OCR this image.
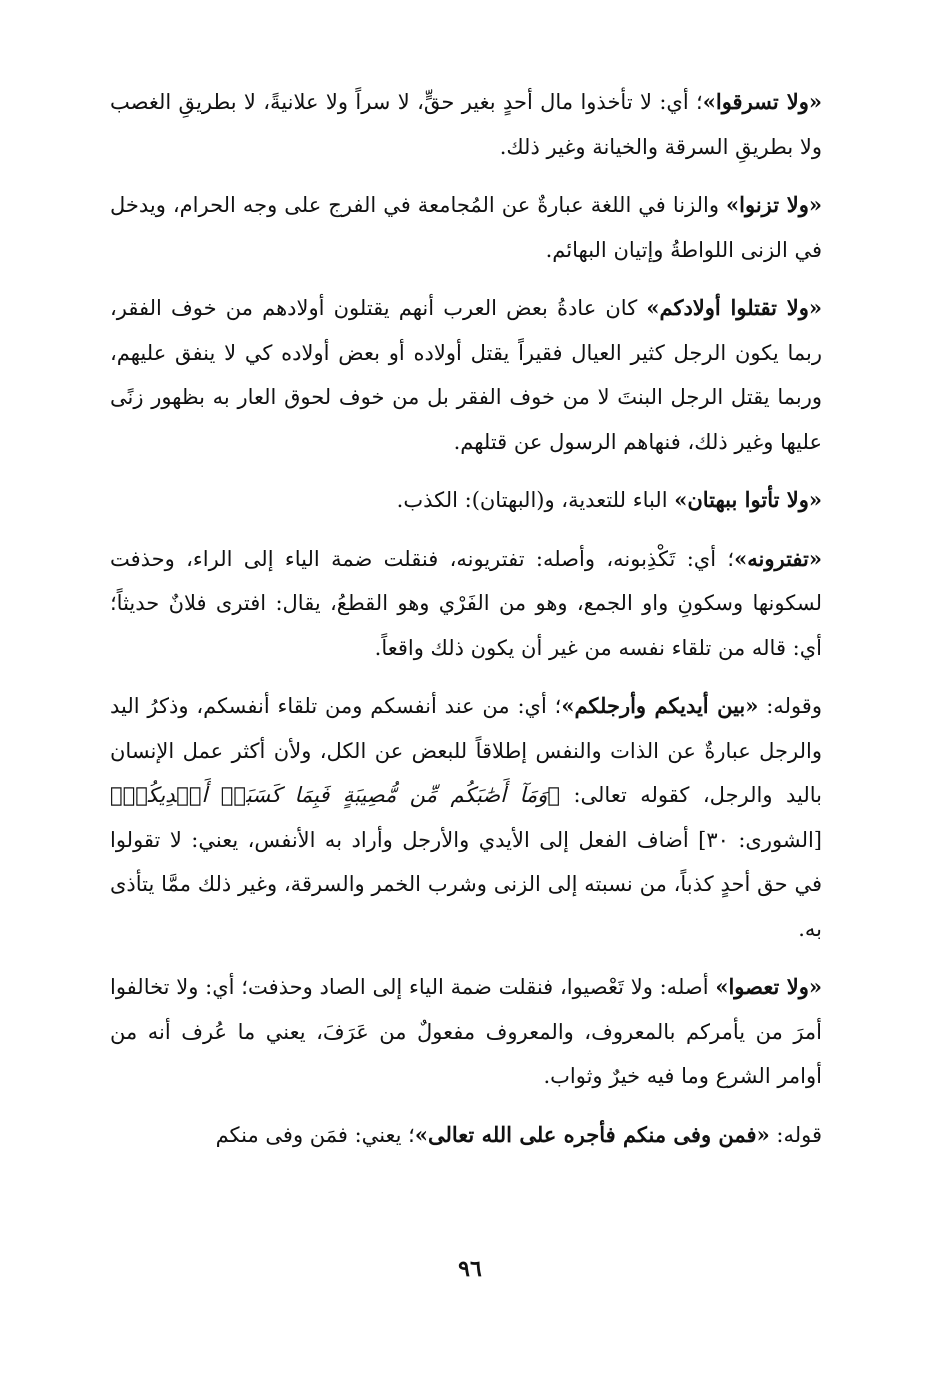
«ولا تسرقوا»؛ أي: لا تأخذوا مال أحدٍ بغير حقٍّ، لا سراً ولا علانيةً، لا بطريقِ الغصب ولا بطريقِ السرقة والخيانة وغير ذلك.

«ولا تزنوا» والزنا في اللغة عبارةٌ عن المُجامعة في الفرج على وجه الحرام، ويدخل في الزنى اللواطةُ وإتيان البهائم.

«ولا تقتلوا أولادكم» كان عادةُ بعض العرب أنهم يقتلون أولادهم من خوف الفقر، ربما يكون الرجل كثير العيال فقيراً يقتل أولاده أو بعض أولاده كي لا ينفق عليهم، وربما يقتل الرجل البنتَ لا من خوف الفقر بل من خوف لحوق العار به بظهور زنًى عليها وغير ذلك، فنهاهم الرسول عن قتلهم.

«ولا تأتوا ببهتان» الباء للتعدية، و(البهتان): الكذب.

«تفترونه»؛ أي: تَكْذِبونه، وأصله: تفتريونه، فنقلت ضمة الياء إلى الراء، وحذفت لسكونها وسكونِ واو الجمع، وهو من الفَرْي وهو القطعُ، يقال: افترى فلانٌ حديثاً؛ أي: قاله من تلقاء نفسه من غير أن يكون ذلك واقعاً.

وقوله: «بين أيديكم وأرجلكم»؛ أي: من عند أنفسكم ومن تلقاء أنفسكم، وذكرُ اليد والرجل عبارةٌ عن الذات والنفس إطلاقاً للبعض عن الكل، ولأن أكثر عمل الإنسان باليد والرجل، كقوله تعالى: ﴿وَمَآ أَصَٰبَكُم مِّن مُّصِيبَةٍ فَبِمَا كَسَبَتۡ أَيۡدِيكُمۡ﴾[الشورى: ٣٠] أضاف الفعل إلى الأيدي والأرجل وأراد به الأنفس، يعني: لا تقولوا في حق أحدٍ كذباً، من نسبته إلى الزنى وشرب الخمر والسرقة، وغير ذلك ممَّا يتأذى به.

«ولا تعصوا» أصله: ولا تَعْصيوا، فنقلت ضمة الياء إلى الصاد وحذفت؛ أي: ولا تخالفوا أمرَ من يأمركم بالمعروف، والمعروف مفعولٌ من عَرَفَ، يعني ما عُرف أنه من أوامر الشرع وما فيه خيرٌ وثواب.

قوله: «فمن وفى منكم فأجره على الله تعالى»؛ يعني: فمَن وفى منكم

٩٦
